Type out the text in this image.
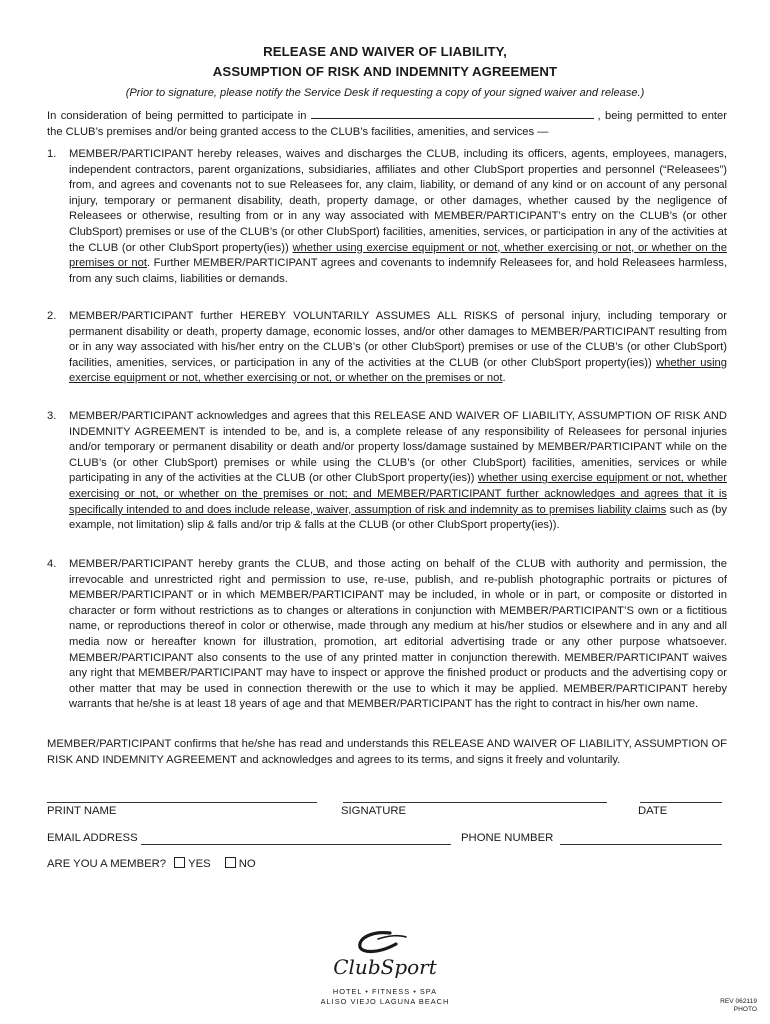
RELEASE AND WAIVER OF LIABILITY,
ASSUMPTION OF RISK AND INDEMNITY AGREEMENT
(Prior to signature, please notify the Service Desk if requesting a copy of your signed waiver and release.)
In consideration of being permitted to participate in	, being permitted to enter the CLUB’s premises and/or being granted access to the CLUB’s facilities, amenities, and services —
1.	MEMBER/PARTICIPANT hereby releases, waives and discharges the CLUB, including its officers, agents, employees, managers, independent contractors, parent organizations, subsidiaries, affiliates and other ClubSport properties and personnel (“Releasees”) from, and agrees and covenants not to sue Releasees for, any claim, liability, or demand of any kind or on account of any personal injury, temporary or permanent disability, death, property damage, or other damages, whether caused by the negligence of Releasees or otherwise, resulting from or in any way associated with MEMBER/PARTICIPANT’s entry on the CLUB’s (or other ClubSport) premises or use of the CLUB’s (or other ClubSport) facilities, amenities, services, or participation in any of the activities at the CLUB (or other ClubSport property(ies)) whether using exercise equipment or not, whether exercising or not, or whether on the premises or not. Further MEMBER/PARTICIPANT agrees and covenants to indemnify Releasees for, and hold Releasees harmless, from any such claims, liabilities or demands.
2.	MEMBER/PARTICIPANT further HEREBY VOLUNTARILY ASSUMES ALL RISKS of personal injury, including temporary or permanent disability or death, property damage, economic losses, and/or other damages to MEMBER/PARTICIPANT resulting from or in any way associated with his/her entry on the CLUB’s (or other ClubSport) premises or use of the CLUB’s (or other ClubSport) facilities, amenities, services, or participation in any of the activities at the CLUB (or other ClubSport property(ies)) whether using exercise equipment or not, whether exercising or not, or whether on the premises or not.
3.	MEMBER/PARTICIPANT acknowledges and agrees that this RELEASE AND WAIVER OF LIABILITY, ASSUMPTION OF RISK AND INDEMNITY AGREEMENT is intended to be, and is, a complete release of any responsibility of Releasees for personal injuries and/or temporary or permanent disability or death and/or property loss/damage sustained by MEMBER/PARTICIPANT while on the CLUB’s (or other ClubSport) premises or while using the CLUB’s (or other ClubSport) facilities, amenities, services or while participating in any of the activities at the CLUB (or other ClubSport property(ies)) whether using exercise equipment or not, whether exercising or not, or whether on the premises or not; and MEMBER/PARTICIPANT further acknowledges and agrees that it is specifically intended to and does include release, waiver, assumption of risk and indemnity as to premises liability claims such as (by example, not limitation) slip & falls and/or trip & falls at the CLUB (or other ClubSport property(ies)).
4.	MEMBER/PARTICIPANT hereby grants the CLUB, and those acting on behalf of the CLUB with authority and permission, the irrevocable and unrestricted right and permission to use, re-use, publish, and re-publish photographic portraits or pictures of MEMBER/PARTICIPANT or in which MEMBER/PARTICIPANT may be included, in whole or in part, or composite or distorted in character or form without restrictions as to changes or alterations in conjunction with MEMBER/PARTICIPANT’S own or a fictitious name, or reproductions thereof in color or otherwise, made through any medium at his/her studios or elsewhere and in any and all media now or hereafter known for illustration, promotion, art editorial advertising trade or any other purpose whatsoever. MEMBER/PARTICIPANT also consents to the use of any printed matter in conjunction therewith. MEMBER/PARTICIPANT waives any right that MEMBER/PARTICIPANT may have to inspect or approve the finished product or products and the advertising copy or other matter that may be used in connection therewith or the use to which it may be applied. MEMBER/PARTICIPANT hereby warrants that he/she is at least 18 years of age and that MEMBER/PARTICIPANT has the right to contract in his/her own name.
MEMBER/PARTICIPANT confirms that he/she has read and understands this RELEASE AND WAIVER OF LIABILITY, ASSUMPTION OF RISK AND INDEMNITY AGREEMENT and acknowledges and agrees to its terms, and signs it freely and voluntarily.
PRINT NAME	SIGNATURE	DATE
EMAIL ADDRESS	PHONE NUMBER
ARE YOU A MEMBER? YES NO
ClubSport
HOTEL • FITNESS • SPA
ALISO VIEJO LAGUNA BEACH	REV 062119
PHOTO
